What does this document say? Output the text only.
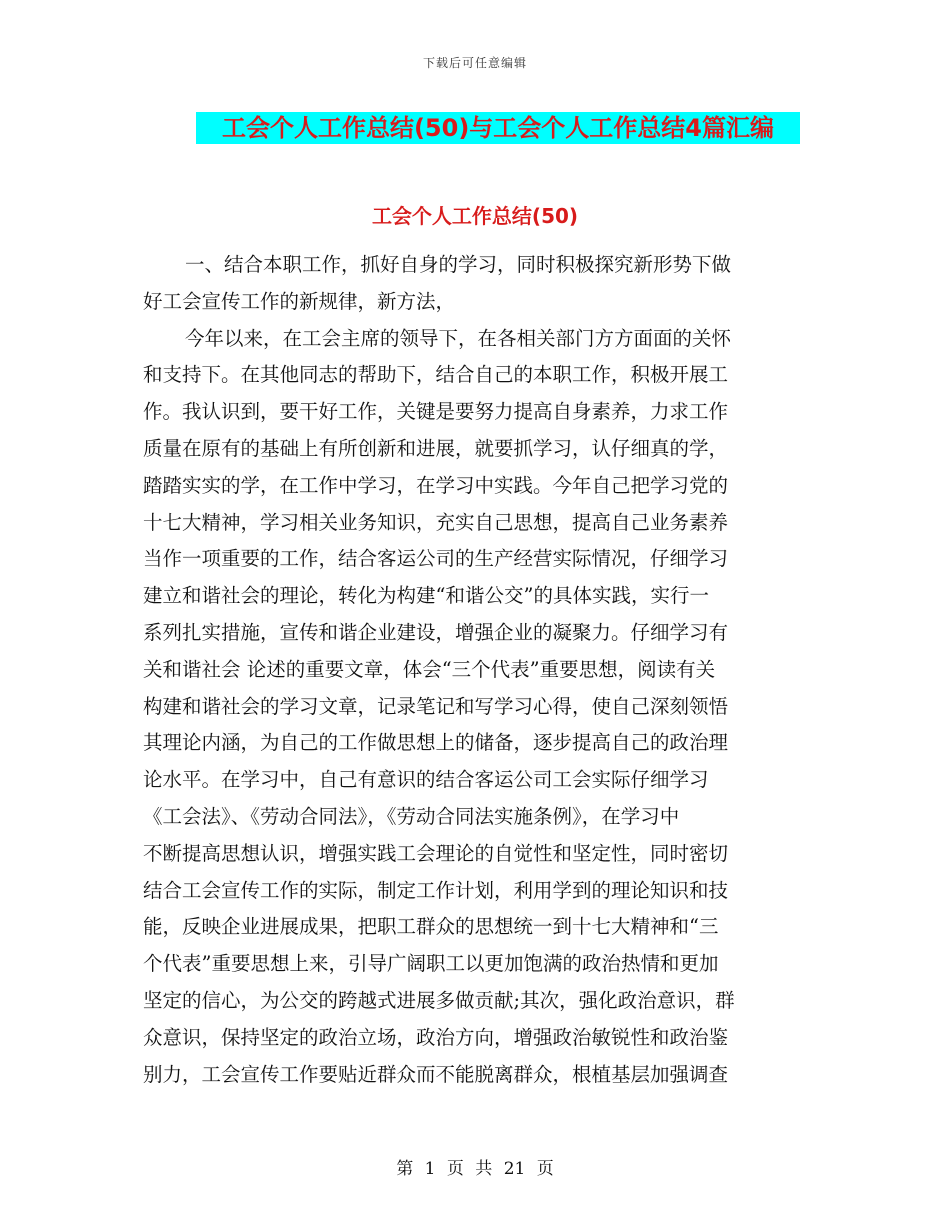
下载后可任意编辑
工会个人工作总结(50)与工会个人工作总结4篇汇编
工会个人工作总结(50)
一、结合本职工作，抓好自身的学习，同时积极探究新形势下做
好工会宣传工作的新规律，新方法，
今年以来，在工会主席的领导下，在各相关部门方方面面的关怀
和支持下。在其他同志的帮助下，结合自己的本职工作，积极开展工
作。我认识到，要干好工作，关键是要努力提高自身素养，力求工作
质量在原有的基础上有所创新和进展，就要抓学习，认仔细真的学，
踏踏实实的学，在工作中学习，在学习中实践。今年自己把学习党的
十七大精神，学习相关业务知识，充实自己思想，提高自己业务素养
当作一项重要的工作，结合客运公司的生产经营实际情况，仔细学习
建立和谐社会的理论，转化为构建“和谐公交”的具体实践，实行一
系列扎实措施，宣传和谐企业建设，增强企业的凝聚力。仔细学习有
关和谐社会 论述的重要文章，体会“三个代表”重要思想，阅读有关
构建和谐社会的学习文章，记录笔记和写学习心得，使自己深刻领悟
其理论内涵，为自己的工作做思想上的储备，逐步提高自己的政治理
论水平。在学习中，自己有意识的结合客运公司工会实际仔细学习
《工会法》、《劳动合同法》，《劳动合同法实施条例》，在学习中
不断提高思想认识，增强实践工会理论的自觉性和坚定性，同时密切
结合工会宣传工作的实际，制定工作计划，利用学到的理论知识和技
能，反映企业进展成果，把职工群众的思想统一到十七大精神和“三
个代表”重要思想上来，引导广阔职工以更加饱满的政治热情和更加
坚定的信心，为公交的跨越式进展多做贡献;其次，强化政治意识，群
众意识，保持坚定的政治立场，政治方向，增强政治敏锐性和政治鉴
别力，工会宣传工作要贴近群众而不能脱离群众，根植基层加强调查
第 1 页 共 21 页
